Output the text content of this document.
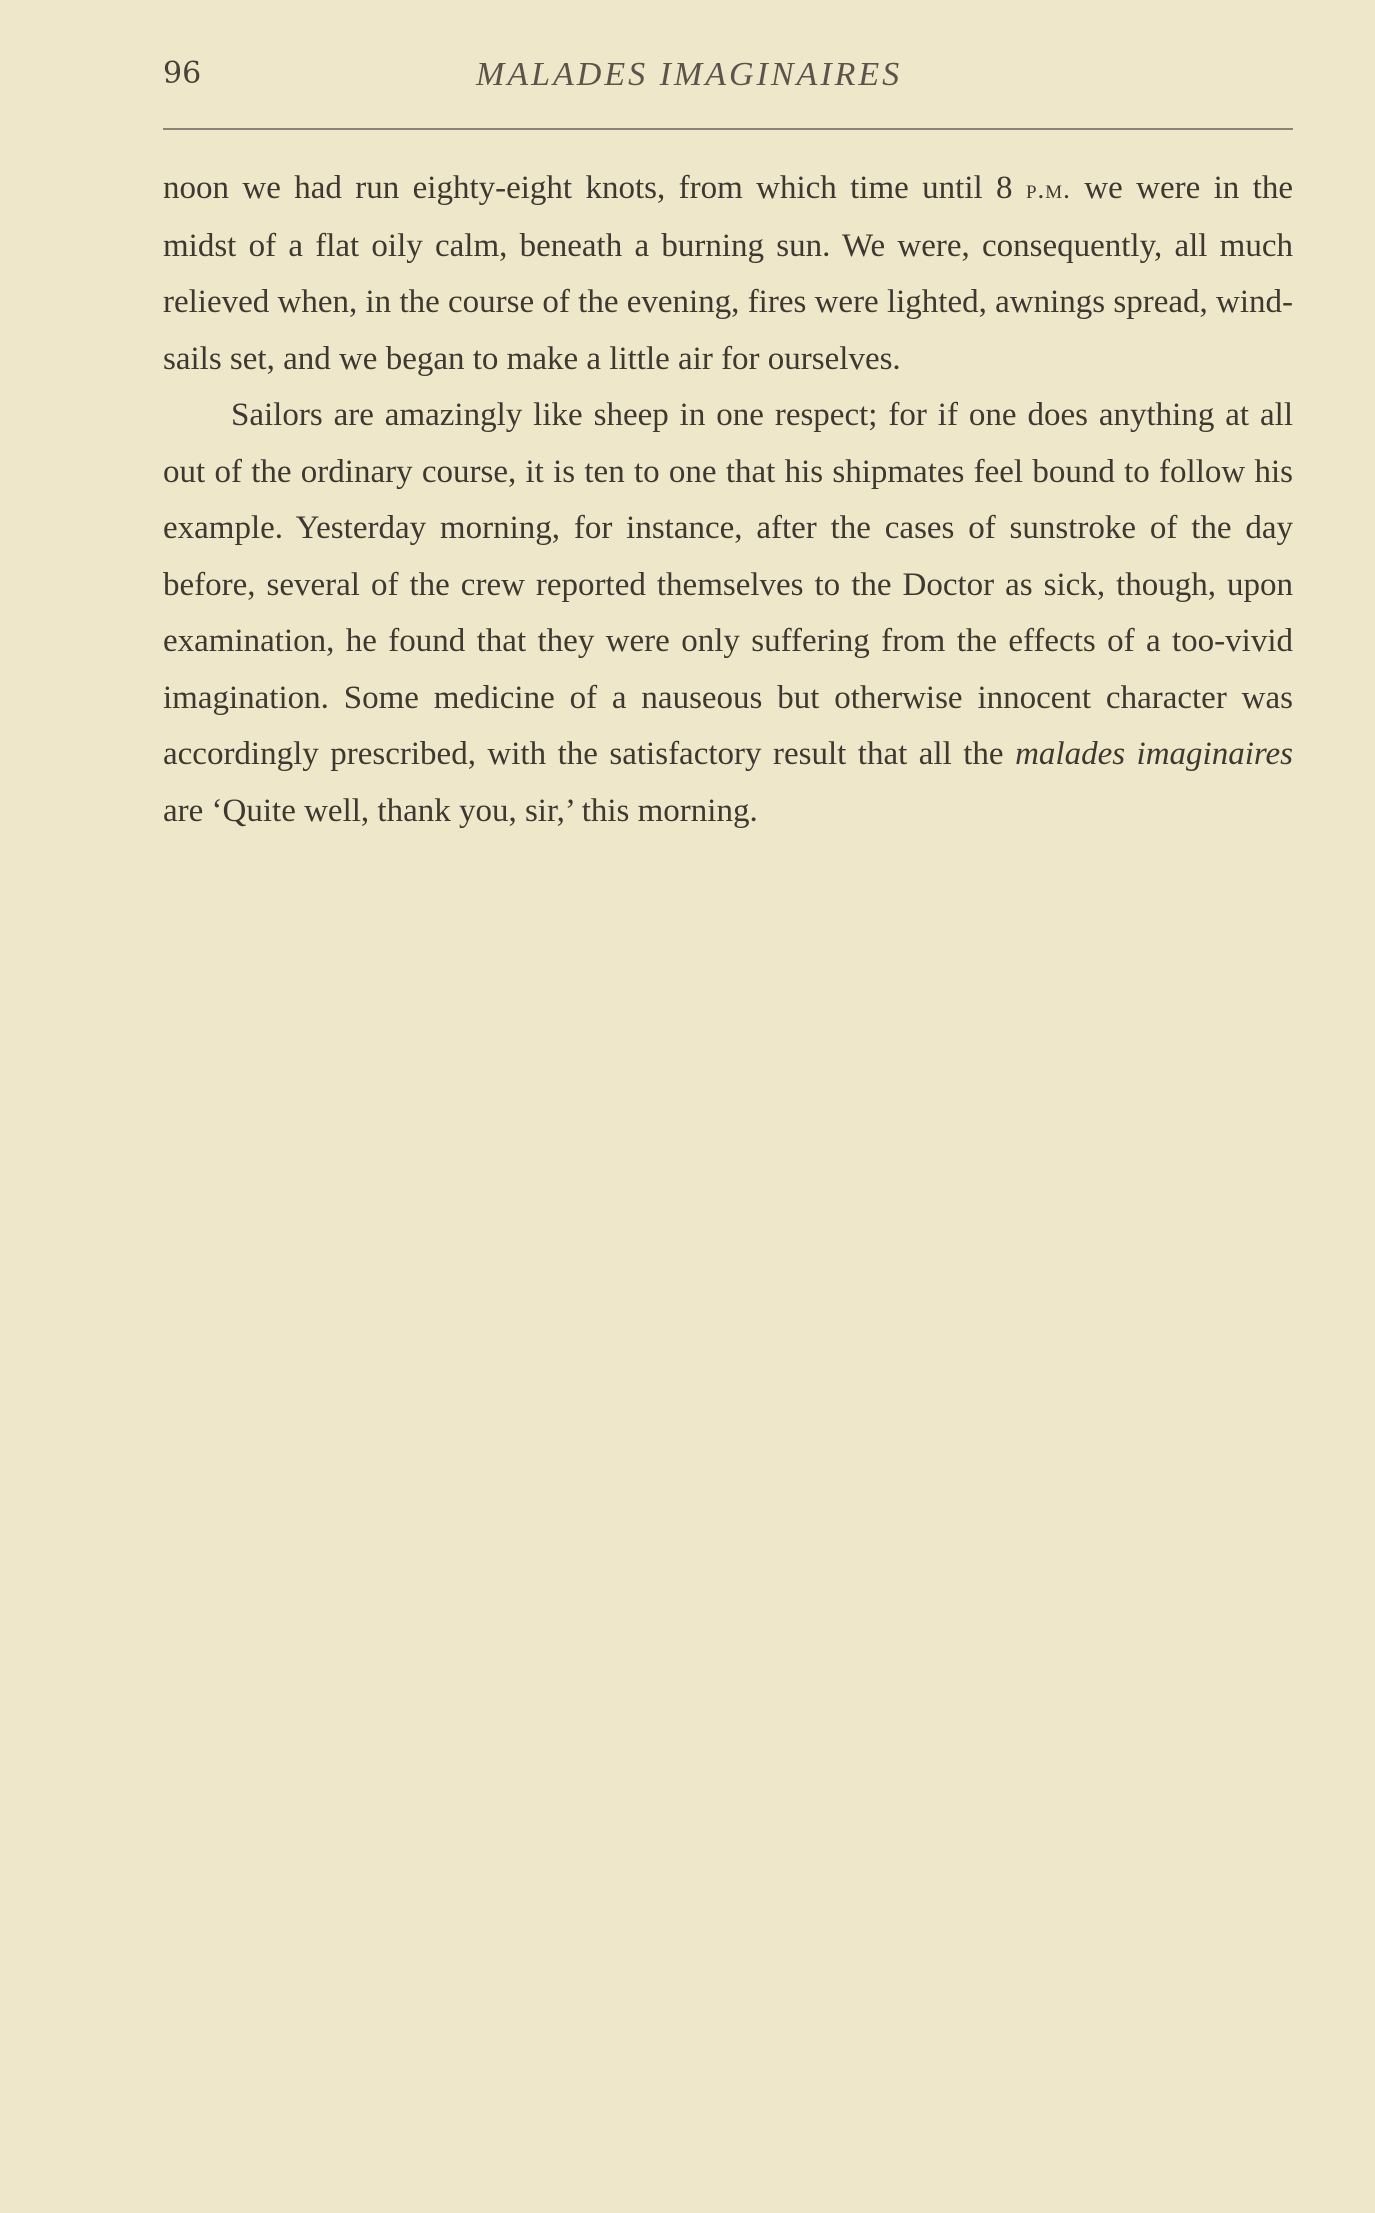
96	MALADES IMAGINAIRES

noon we had run eighty-eight knots, from which time until 8 p.m. we were in the midst of a flat oily calm, beneath a burning sun. We were, consequently, all much relieved when, in the course of the evening, fires were lighted, awnings spread, wind-sails set, and we began to make a little air for ourselves.

Sailors are amazingly like sheep in one respect; for if one does anything at all out of the ordinary course, it is ten to one that his shipmates feel bound to follow his example. Yesterday morning, for instance, after the cases of sunstroke of the day before, several of the crew reported themselves to the Doctor as sick, though, upon examination, he found that they were only suffering from the effects of a too-vivid imagination. Some medicine of a nauseous but otherwise innocent character was accordingly prescribed, with the satisfactory result that all the malades imaginaires are ‘Quite well, thank you, sir,’ this morning.
